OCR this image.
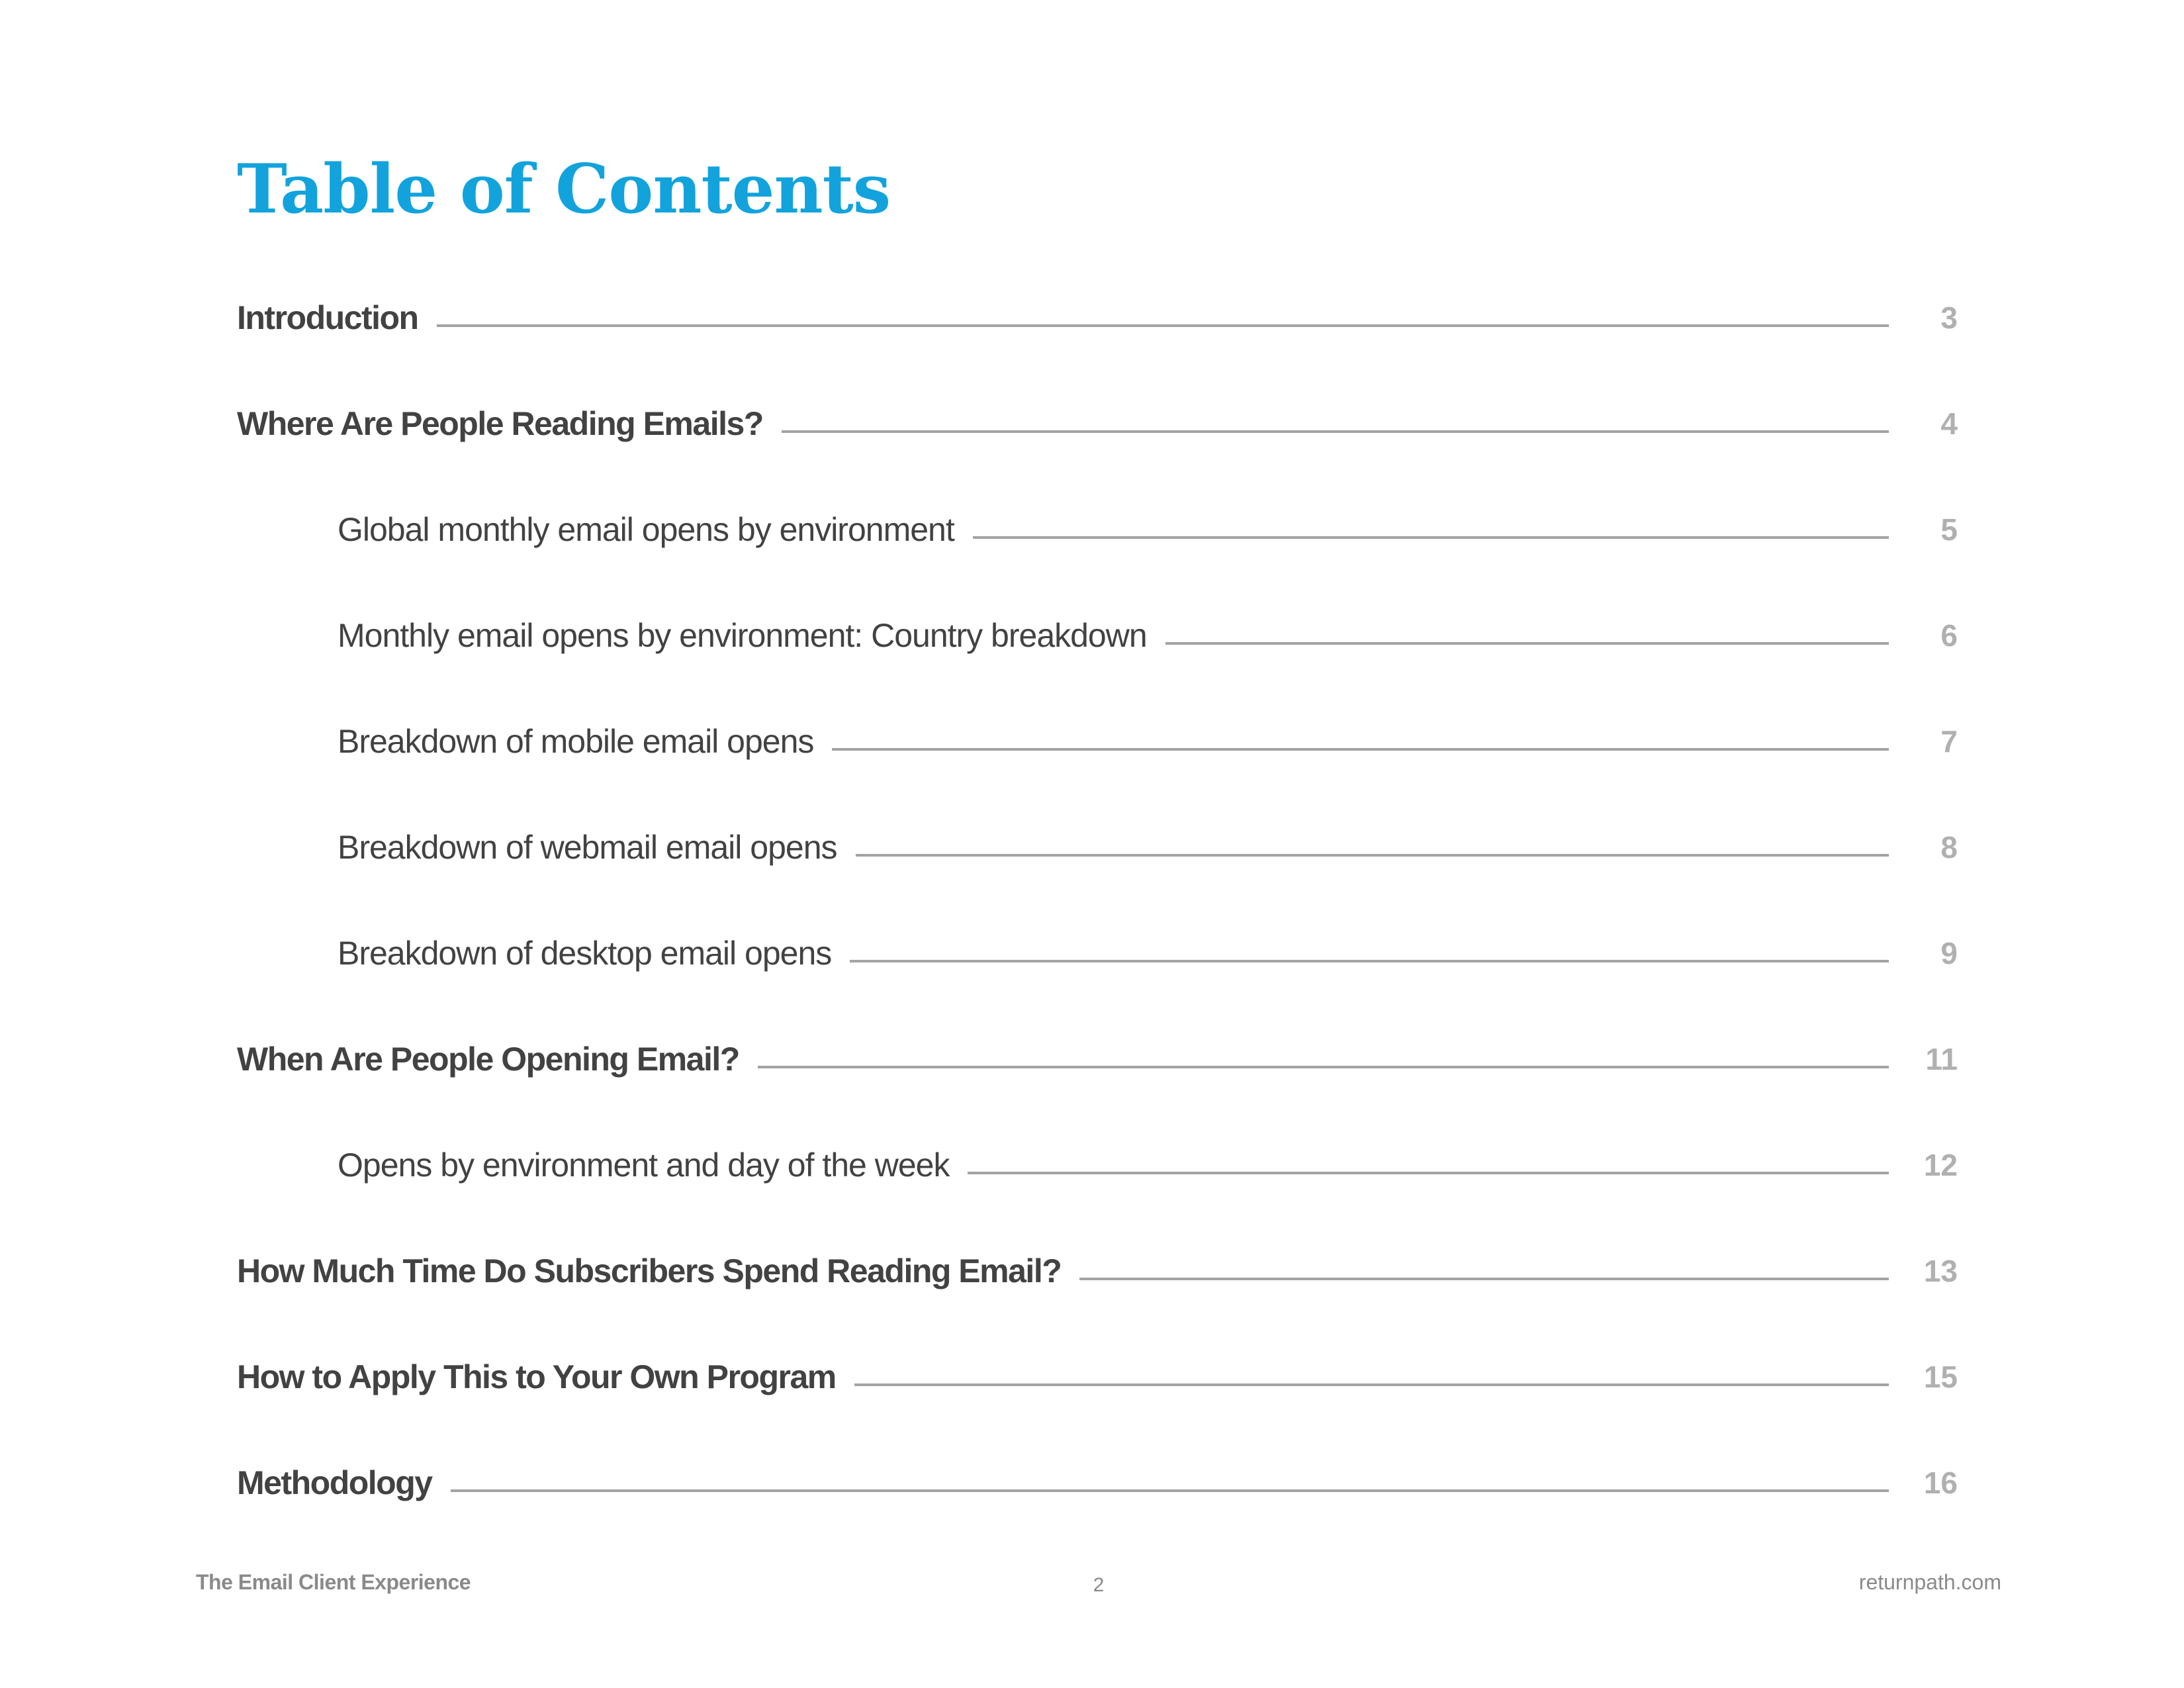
Table of Contents
Introduction	3
Where Are People Reading Emails?	4
Global monthly email opens by environment	5
Monthly email opens by environment: Country breakdown	6
Breakdown of mobile email opens	7
Breakdown of webmail email opens	8
Breakdown of desktop email opens	9
When Are People Opening Email?	11
Opens by environment and day of the week	12
How Much Time Do Subscribers Spend Reading Email?	13
How to Apply This to Your Own Program	15
Methodology	16
The Email Client Experience	2	returnpath.com
